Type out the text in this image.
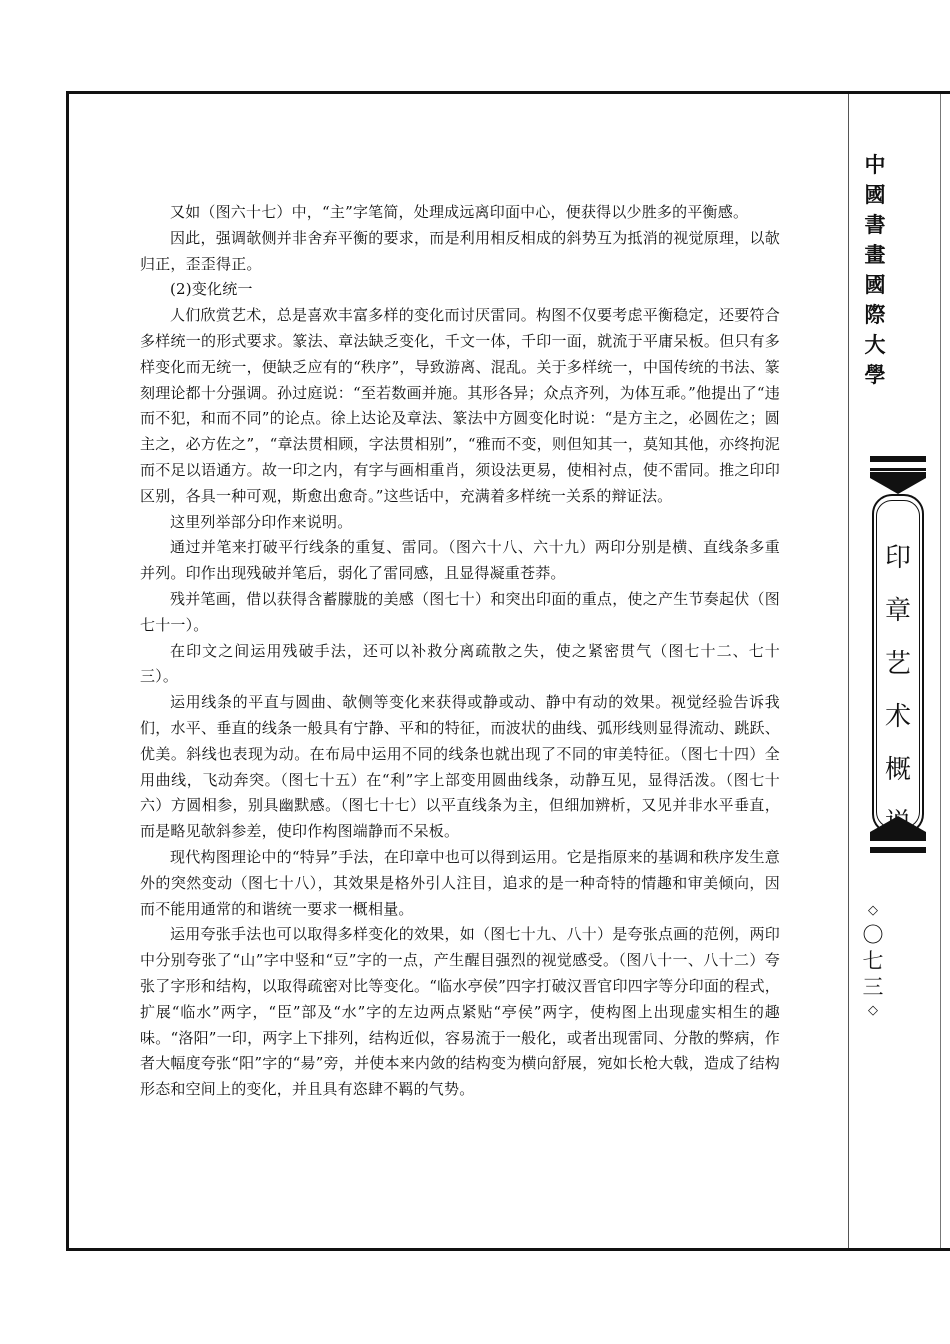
又如（图六十七）中，“主”字笔简，处理成远离印面中心，便获得以少胜多的平衡感。

因此，强调欹侧并非舍弃平衡的要求，而是利用相反相成的斜势互为抵消的视觉原理，以欹归正，歪歪得正。

(2)变化统一

人们欣赏艺术，总是喜欢丰富多样的变化而讨厌雷同。构图不仅要考虑平衡稳定，还要符合多样统一的形式要求。篆法、章法缺乏变化，千文一体，千印一面，就流于平庸呆板。但只有多样变化而无统一，便缺乏应有的“秩序”，导致游离、混乱。关于多样统一，中国传统的书法、篆刻理论都十分强调。孙过庭说：“至若数画并施。其形各异；众点齐列，为体互乖。”他提出了“违而不犯，和而不同”的论点。徐上达论及章法、篆法中方圆变化时说：“是方主之，必圆佐之；圆主之，必方佐之”，“章法贯相顾，字法贯相别”，“雅而不变，则但知其一，莫知其他，亦终拘泥而不足以语通方。故一印之内，有字与画相重肖，须设法更易，使相衬点，使不雷同。推之印印区别，各具一种可观，斯愈出愈奇。”这些话中，充满着多样统一关系的辩证法。

这里列举部分印作来说明。

通过并笔来打破平行线条的重复、雷同。（图六十八、六十九）两印分别是横、直线条多重并列。印作出现残破并笔后，弱化了雷同感，且显得凝重苍莽。

残并笔画，借以获得含蓄朦胧的美感（图七十）和突出印面的重点，使之产生节奏起伏（图七十一）。

在印文之间运用残破手法，还可以补救分离疏散之失，使之紧密贯气（图七十二、七十三）。

运用线条的平直与圆曲、欹侧等变化来获得或静或动、静中有动的效果。视觉经验告诉我们，水平、垂直的线条一般具有宁静、平和的特征，而波状的曲线、弧形线则显得流动、跳跃、优美。斜线也表现为动。在布局中运用不同的线条也就出现了不同的审美特征。（图七十四）全用曲线，飞动奔突。（图七十五）在“利”字上部变用圆曲线条，动静互见，显得活泼。（图七十六）方圆相参，别具幽默感。（图七十七）以平直线条为主，但细加辨析，又见并非水平垂直，而是略见欹斜参差，使印作构图端静而不呆板。

现代构图理论中的“特异”手法，在印章中也可以得到运用。它是指原来的基调和秩序发生意外的突然变动（图七十八），其效果是格外引人注目，追求的是一种奇特的情趣和审美倾向，因而不能用通常的和谐统一要求一概相量。

运用夸张手法也可以取得多样变化的效果，如（图七十九、八十）是夸张点画的范例，两印中分别夸张了“山”字中竖和“豆”字的一点，产生醒目强烈的视觉感受。（图八十一、八十二）夸张了字形和结构，以取得疏密对比等变化。“临水亭侯”四字打破汉晋官印四字等分印面的程式，扩展“临水”两字，“臣”部及“水”字的左边两点紧贴“亭侯”两字，使构图上出现虚实相生的趣味。“洛阳”一印，两字上下排列，结构近似，容易流于一般化，或者出现雷同、分散的弊病，作者大幅度夸张“阳”字的“昜”旁，并使本来内敛的结构变为横向舒展，宛如长枪大戟，造成了结构形态和空间上的变化，并且具有恣肆不羁的气势。

中
國
書
畫
國
際
大
學
印
章
艺
术
概
◇
〇
七
三
◇
